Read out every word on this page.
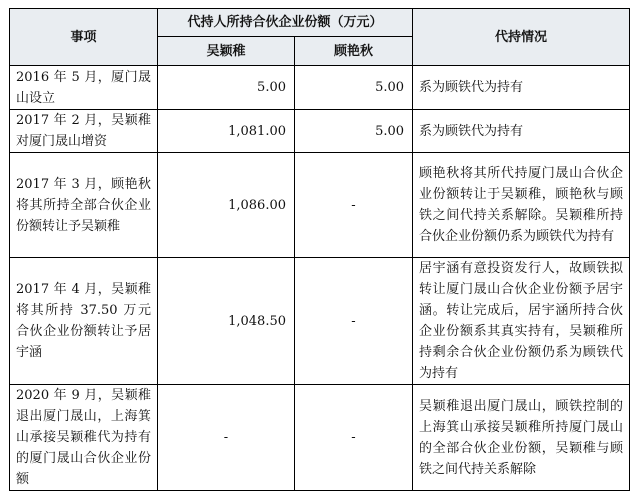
事项	代持人所持合伙企业份额（万元）		代持情况
	吴颖稚	顾艳秋	
2016 年 5 月，厦门晟山设立	5.00	5.00	系为顾铁代为持有
2017 年 2 月，吴颖稚对厦门晟山增资	1,081.00	5.00	系为顾铁代为持有
2017 年 3 月，顾艳秋将其所持全部合伙企业份额转让予吴颖稚	1,086.00	-	顾艳秋将其所代持厦门晟山合伙企业份额转让于吴颖稚，顾艳秋与顾铁之间代持关系解除。吴颖稚所持合伙企业份额仍系为顾铁代为持有
2017 年 4 月，吴颖稚将其所持 37.50 万元合伙企业份额转让予居宇涵	1,048.50	-	居宇涵有意投资发行人，故顾铁拟转让厦门晟山合伙企业份额予居宇涵。转让完成后，居宇涵所持合伙企业份额系其真实持有，吴颖稚所持剩余合伙企业份额仍系为顾铁代为持有
2020 年 9 月，吴颖稚退出厦门晟山，上海箕山承接吴颖稚代为持有的厦门晟山合伙企业份额	-	-	吴颖稚退出厦门晟山，顾铁控制的上海箕山承接吴颖稚所持厦门晟山的全部合伙企业份额，吴颖稚与顾铁之间代持关系解除
